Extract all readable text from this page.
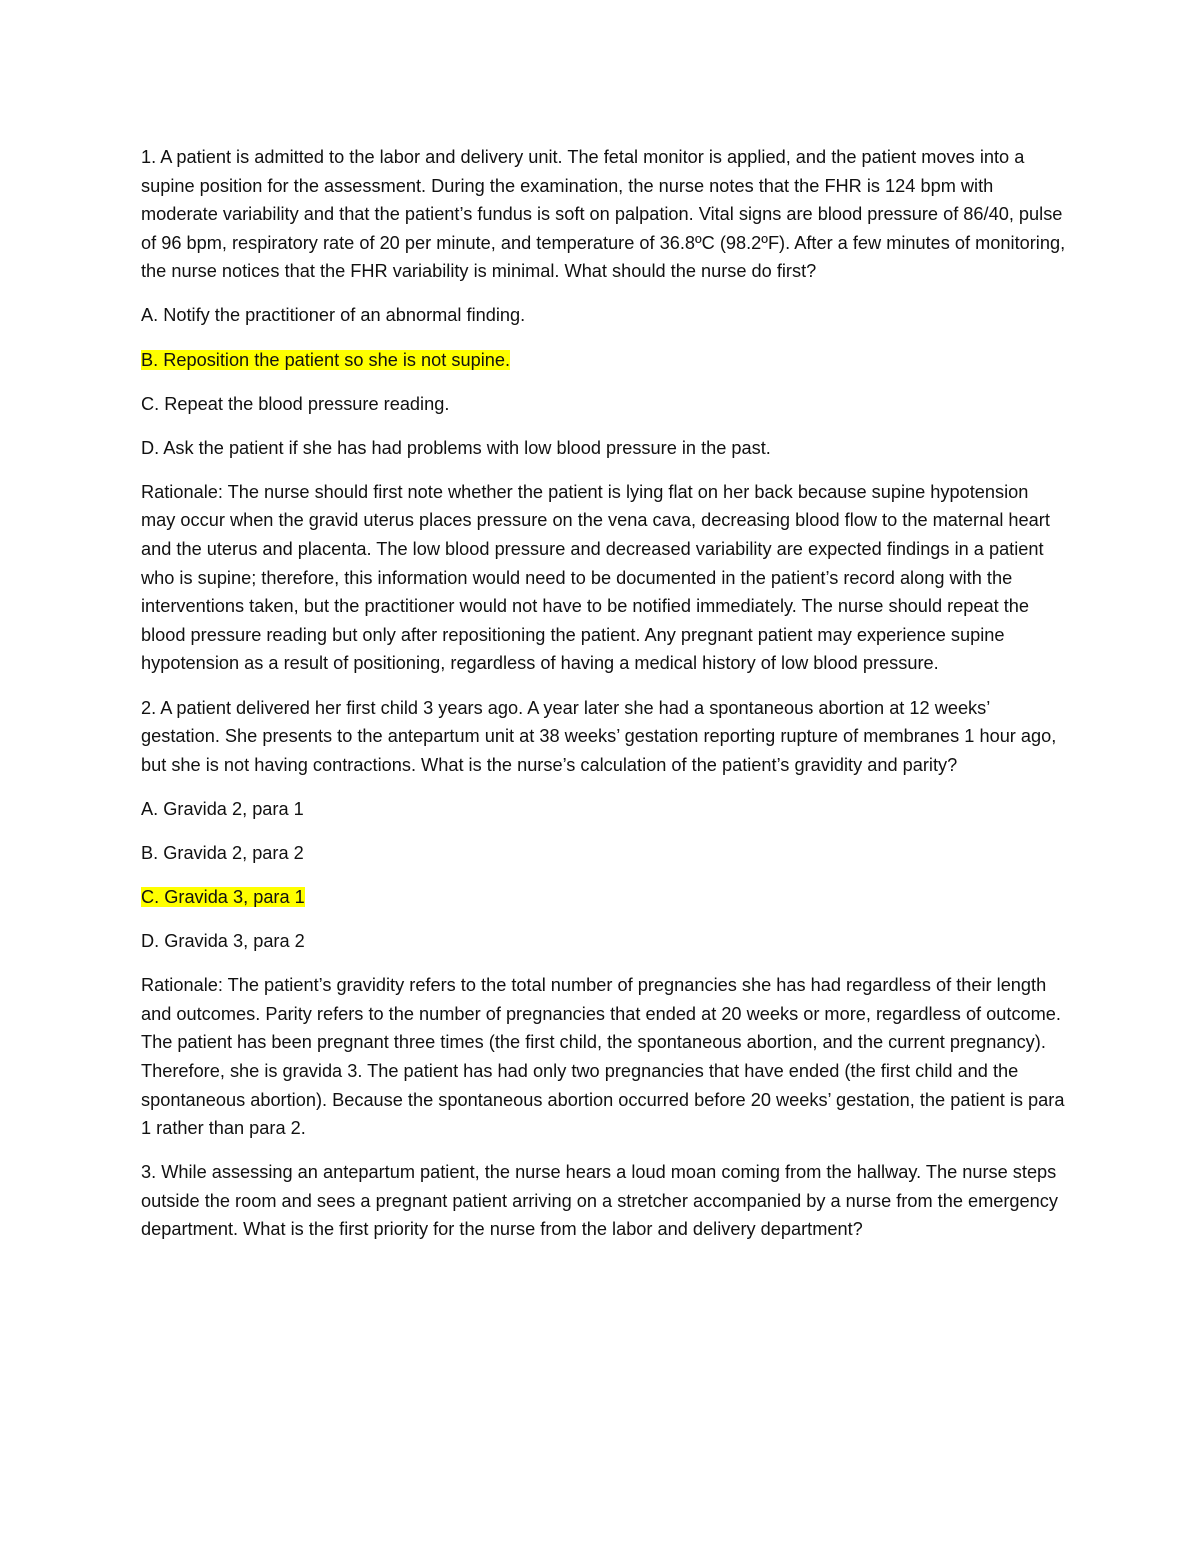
1. A patient is admitted to the labor and delivery unit. The fetal monitor is applied, and the patient moves into a supine position for the assessment. During the examination, the nurse notes that the FHR is 124 bpm with moderate variability and that the patient’s fundus is soft on palpation. Vital signs are blood pressure of 86/40, pulse of 96 bpm, respiratory rate of 20 per minute, and temperature of 36.8ºC (98.2ºF). After a few minutes of monitoring, the nurse notices that the FHR variability is minimal. What should the nurse do first?

A. Notify the practitioner of an abnormal finding.

B. Reposition the patient so she is not supine.

C. Repeat the blood pressure reading.

D. Ask the patient if she has had problems with low blood pressure in the past.

Rationale: The nurse should first note whether the patient is lying flat on her back because supine hypotension may occur when the gravid uterus places pressure on the vena cava, decreasing blood flow to the maternal heart and the uterus and placenta. The low blood pressure and decreased variability are expected findings in a patient who is supine; therefore, this information would need to be documented in the patient’s record along with the interventions taken, but the practitioner would not have to be notified immediately. The nurse should repeat the blood pressure reading but only after repositioning the patient. Any pregnant patient may experience supine hypotension as a result of positioning, regardless of having a medical history of low blood pressure.

2. A patient delivered her first child 3 years ago. A year later she had a spontaneous abortion at 12 weeks’ gestation. She presents to the antepartum unit at 38 weeks’ gestation reporting rupture of membranes 1 hour ago, but she is not having contractions. What is the nurse’s calculation of the patient’s gravidity and parity?

A. Gravida 2, para 1

B. Gravida 2, para 2

C. Gravida 3, para 1

D. Gravida 3, para 2

Rationale: The patient’s gravidity refers to the total number of pregnancies she has had regardless of their length and outcomes. Parity refers to the number of pregnancies that ended at 20 weeks or more, regardless of outcome. The patient has been pregnant three times (the first child, the spontaneous abortion, and the current pregnancy). Therefore, she is gravida 3. The patient has had only two pregnancies that have ended (the first child and the spontaneous abortion). Because the spontaneous abortion occurred before 20 weeks’ gestation, the patient is para 1 rather than para 2.

3. While assessing an antepartum patient, the nurse hears a loud moan coming from the hallway. The nurse steps outside the room and sees a pregnant patient arriving on a stretcher accompanied by a nurse from the emergency department. What is the first priority for the nurse from the labor and delivery department?
